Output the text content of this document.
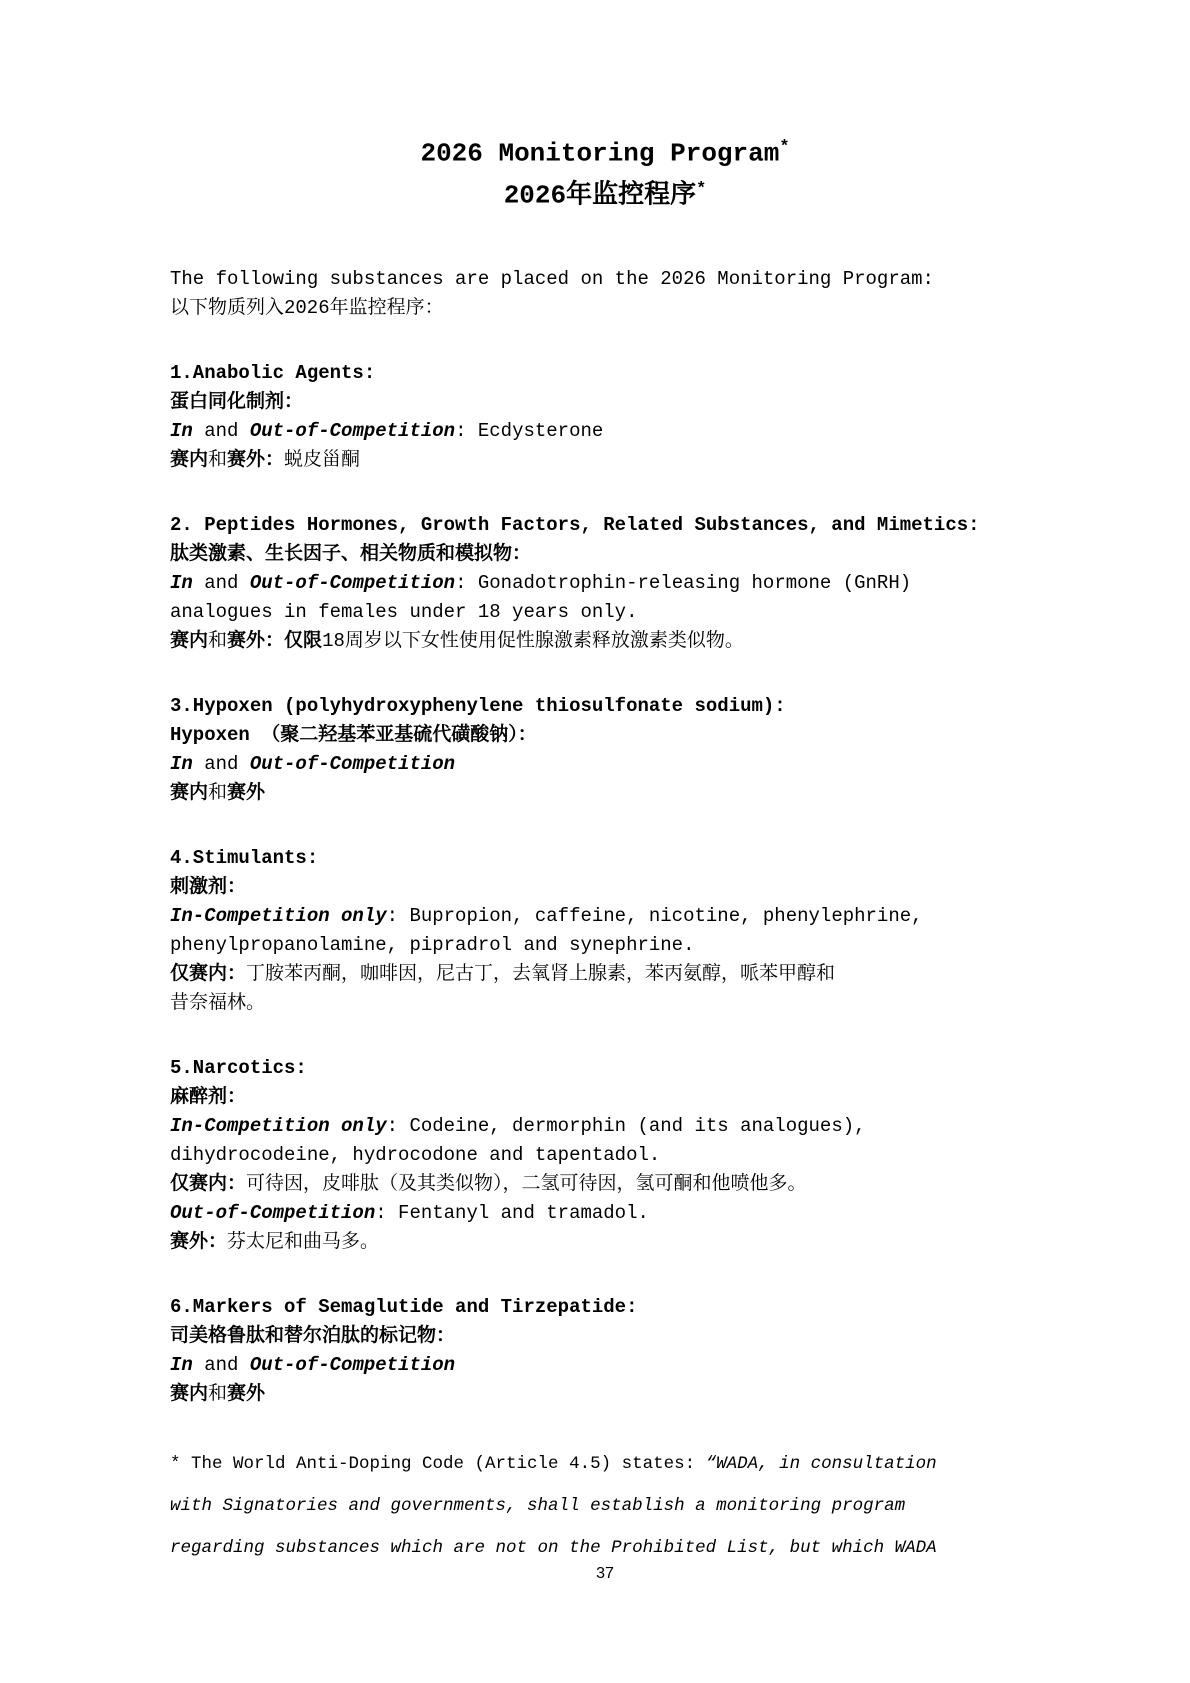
2026 Monitoring Program*
2026年监控程序*
The following substances are placed on the 2026 Monitoring Program:
以下物质列入2026年监控程序：
1.Anabolic Agents:
蛋白同化制剂：
In and Out-of-Competition: Ecdysterone
赛内和赛外：蜕皮甾酮
2. Peptides Hormones, Growth Factors, Related Substances, and Mimetics:
肽类激素、生长因子、相关物质和模拟物：
In and Out-of-Competition: Gonadotrophin-releasing hormone (GnRH)
analogues in females under 18 years only.
赛内和赛外：仅限18周岁以下女性使用促性腺激素释放激素类似物。
3.Hypoxen (polyhydroxyphenylene thiosulfonate sodium):
Hypoxen （聚二羟基苯亚基硫代磺酸钠）：
In and Out-of-Competition
赛内和赛外
4.Stimulants:
刺激剂：
In-Competition only: Bupropion, caffeine, nicotine, phenylephrine,
phenylpropanolamine, pipradrol and synephrine.
仅赛内：丁胺苯丙酮，咖啡因，尼古丁，去氧肾上腺素，苯丙氨醇，哌苯甲醇和
昔奈福林。
5.Narcotics:
麻醉剂：
In-Competition only: Codeine, dermorphin (and its analogues),
dihydrocodeine, hydrocodone and tapentadol.
仅赛内：可待因，皮啡肽（及其类似物），二氢可待因，氢可酮和他喷他多。
Out-of-Competition: Fentanyl and tramadol.
赛外：芬太尼和曲马多。
6.Markers of Semaglutide and Tirzepatide:
司美格鲁肽和替尔泊肽的标记物：
In and Out-of-Competition
赛内和赛外
* The World Anti-Doping Code (Article 4.5) states: “WADA, in consultation
with Signatories and governments, shall establish a monitoring program
regarding substances which are not on the Prohibited List, but which WADA
37
